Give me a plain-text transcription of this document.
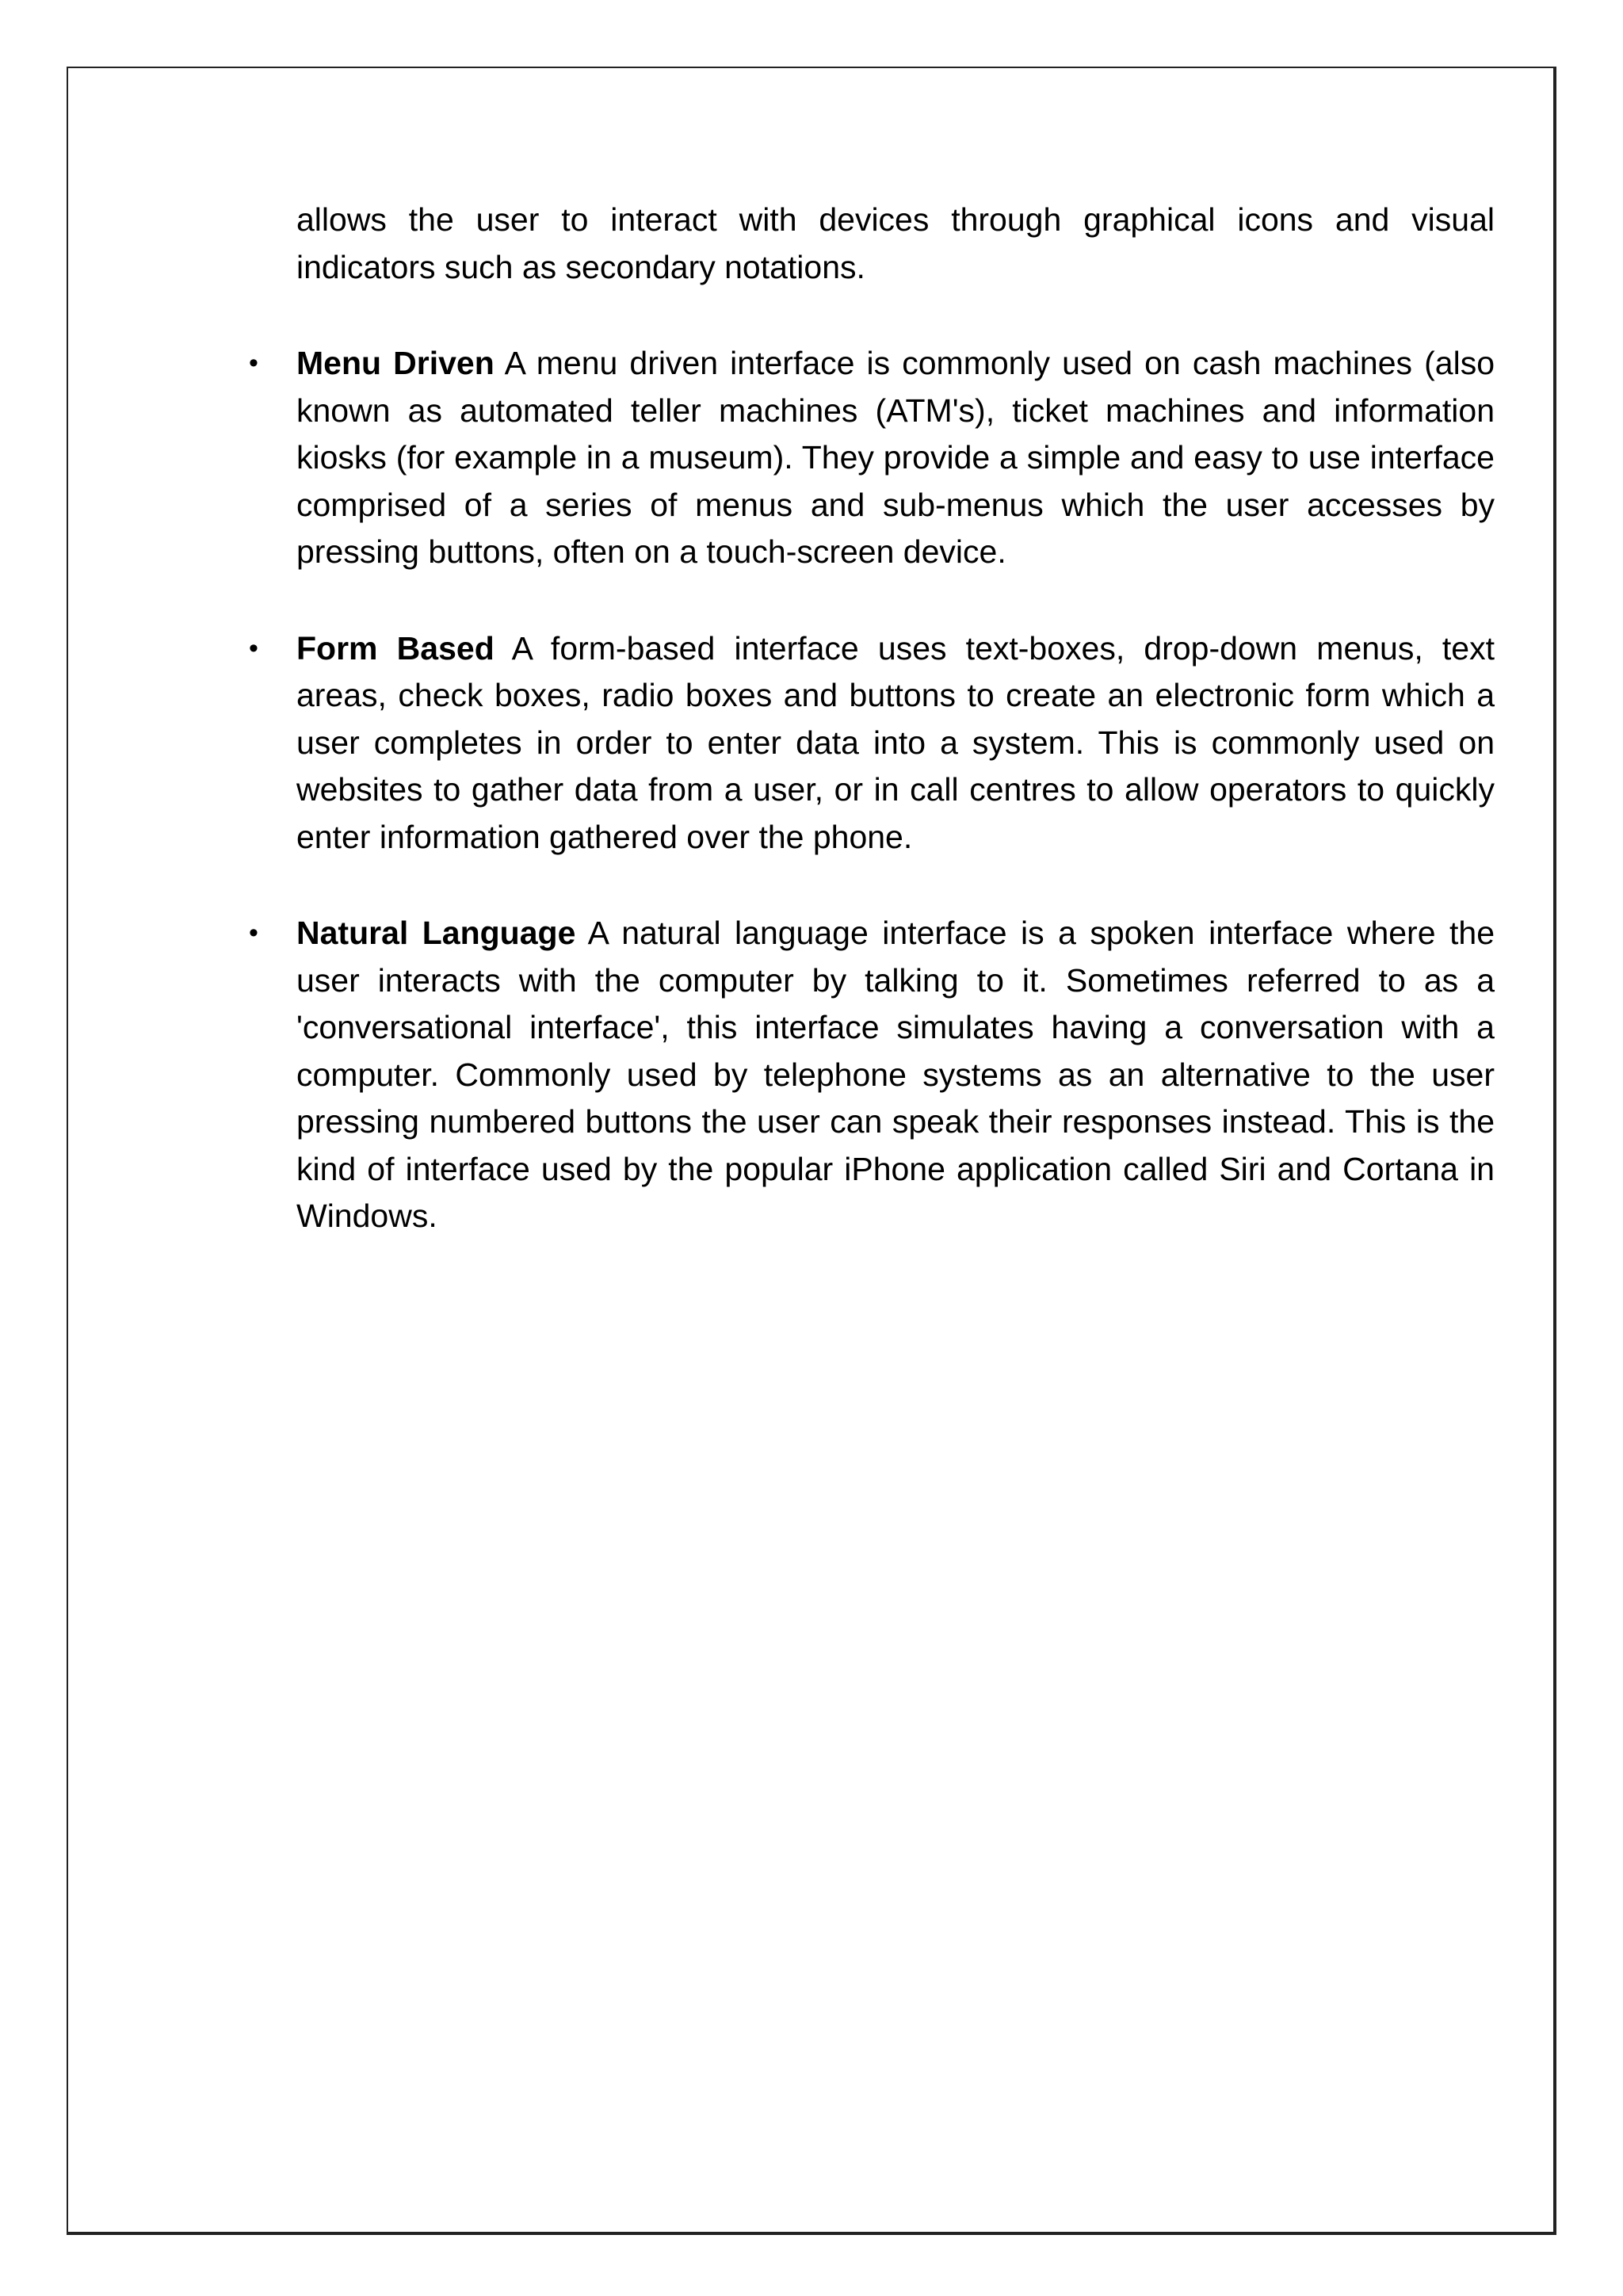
allows the user to interact with devices through graphical icons and visual indicators such as secondary notations.

• Menu Driven A menu driven interface is commonly used on cash machines (also known as automated teller machines (ATM's), ticket machines and information kiosks (for example in a museum). They provide a simple and easy to use interface comprised of a series of menus and sub-menus which the user accesses by pressing buttons, often on a touch-screen device.
• Form Based A form-based interface uses text-boxes, drop-down menus, text areas, check boxes, radio boxes and buttons to create an electronic form which a user completes in order to enter data into a system. This is commonly used on websites to gather data from a user, or in call centres to allow operators to quickly enter information gathered over the phone.
• Natural Language A natural language interface is a spoken interface where the user interacts with the computer by talking to it. Sometimes referred to as a 'conversational interface', this interface simulates having a conversation with a computer. Commonly used by telephone systems as an alternative to the user pressing numbered buttons the user can speak their responses instead. This is the kind of interface used by the popular iPhone application called Siri and Cortana in Windows.
